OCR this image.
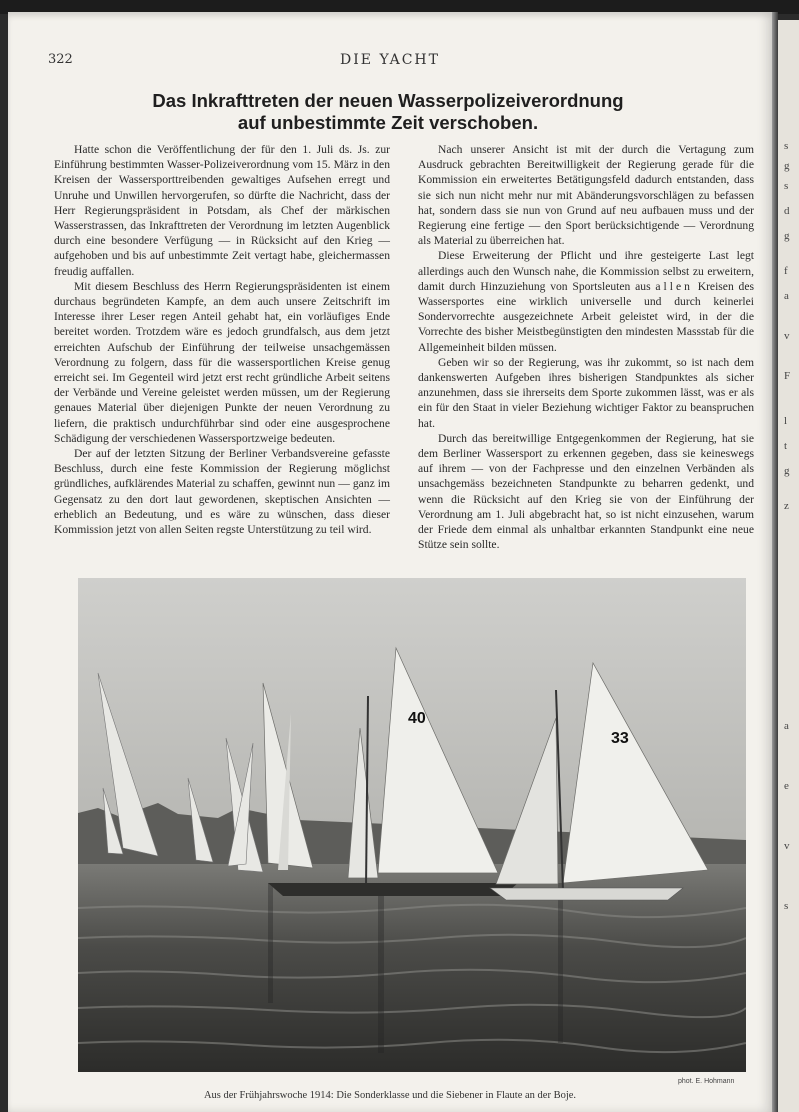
322	DIE YACHT
Das Inkrafttreten der neuen Wasserpolizeiverordnung
auf unbestimmte Zeit verschoben.

Hatte schon die Veröffentlichung der für den 1. Juli ds. Js. zur Einführung bestimmten Wasser-Polizeiverordnung vom 15. März in den Kreisen der Wassersporttreibenden gewaltiges Aufsehen erregt und Unruhe und Unwillen hervorgerufen, so dürfte die Nachricht, dass der Herr Regierungspräsident in Potsdam, als Chef der märkischen Wasserstrassen, das Inkrafttreten der Verordnung im letzten Augenblick durch eine besondere Verfügung — in Rücksicht auf den Krieg — aufgehoben und bis auf unbestimmte Zeit vertagt habe, gleichermassen freudig auffallen.

Mit diesem Beschluss des Herrn Regierungspräsidenten ist einem durchaus begründeten Kampfe, an dem auch unsere Zeitschrift im Interesse ihrer Leser regen Anteil gehabt hat, ein vorläufiges Ende bereitet worden. Trotzdem wäre es jedoch grundfalsch, aus dem jetzt erreichten Aufschub der Einführung der teilweise unsachgemässen Verordnung zu folgern, dass für die wassersportlichen Kreise genug erreicht sei. Im Gegenteil wird jetzt erst recht gründliche Arbeit seitens der Verbände und Vereine geleistet werden müssen, um der Regierung genaues Material über diejenigen Punkte der neuen Verordnung zu liefern, die praktisch undurchführbar sind oder eine ausgesprochene Schädigung der verschiedenen Wassersportzweige bedeuten.

Der auf der letzten Sitzung der Berliner Verbandsvereine gefasste Beschluss, durch eine feste Kommission der Regierung möglichst gründliches, aufklärendes Material zu schaffen, gewinnt nun — ganz im Gegensatz zu den dort laut gewordenen, skeptischen Ansichten — erheblich an Bedeutung, und es wäre zu wünschen, dass dieser Kommission jetzt von allen Seiten regste Unterstützung zu teil wird.

Nach unserer Ansicht ist mit der durch die Vertagung zum Ausdruck gebrachten Bereitwilligkeit der Regierung gerade für die Kommission ein erweitertes Betätigungsfeld dadurch entstanden, dass sie sich nun nicht mehr nur mit Abänderungsvorschlägen zu befassen hat, sondern dass sie nun von Grund auf neu aufbauen muss und der Regierung eine fertige — den Sport berücksichtigende — Verordnung als Material zu überreichen hat.

Diese Erweiterung der Pflicht und ihre gesteigerte Last legt allerdings auch den Wunsch nahe, die Kommission selbst zu erweitern, damit durch Hinzuziehung von Sportsleuten aus allen Kreisen des Wassersportes eine wirklich universelle und durch keinerlei Sondervorrechte ausgezeichnete Arbeit geleistet wird, in der die Vorrechte des bisher Meistbegünstigten den mindesten Massstab für die Allgemeinheit bilden müssen.

Geben wir so der Regierung, was ihr zukommt, so ist nach dem dankenswerten Aufgeben ihres bisherigen Standpunktes als sicher anzunehmen, dass sie ihrerseits dem Sporte zukommen lässt, was er als ein für den Staat in vieler Beziehung wichtiger Faktor zu beanspruchen hat.

Durch das bereitwillige Entgegenkommen der Regierung, hat sie dem Berliner Wassersport zu erkennen gegeben, dass sie keineswegs auf ihrem — von der Fachpresse und den einzelnen Verbänden als unsachgemäss bezeichneten Standpunkte zu beharren gedenkt, und wenn die Rücksicht auf den Krieg sie von der Einführung der Verordnung am 1. Juli abgebracht hat, so ist nicht einzusehen, warum der Friede dem einmal als unhaltbar erkannten Standpunkt eine neue Stütze sein sollte.

40
33
phot. E. Hohmann
Aus der Frühjahrswoche 1914: Die Sonderklasse und die Siebener in Flaute an der Boje.
s
g
s
d
g
f
a
v
F
l
t
g
z
a
e
v
s
